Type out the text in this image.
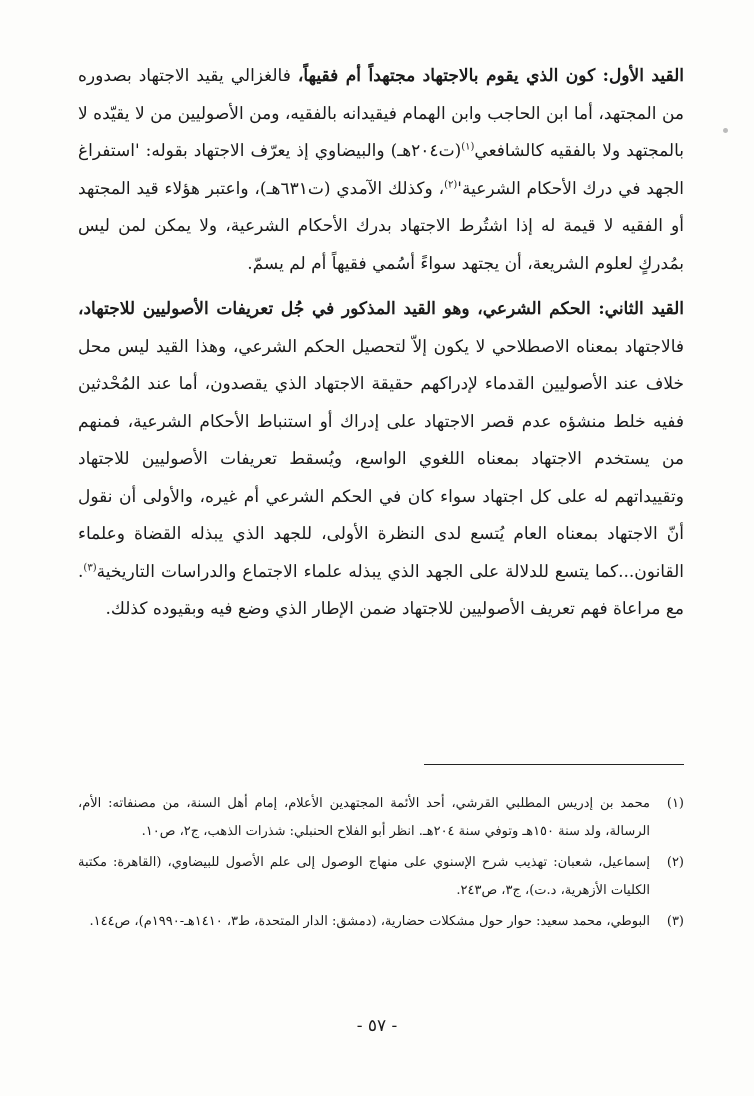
القيد الأول: كون الذي يقوم بالاجتهاد مجتهداً أم فقيهاً، فالغزالي يقيد الاجتهاد بصدوره من المجتهد، أما ابن الحاجب وابن الهمام فيقيدانه بالفقيه، ومن الأصوليين من لا يقيّده لا بالمجتهد ولا بالفقيه كالشافعي$^{(١)}$(ت٢٠٤هـ) والبيضاوي إذ يعرّف الاجتهاد بقوله: 'استفراغ الجهد في درك الأحكام $الشرعية'^{(٢)}،$ وكذلك الآمدي (ت٦٣١هـ)، واعتبر هؤلاء قيد المجتهد أو الفقيه لا قيمة له إذا اشتُرط الاجتهاد بدرك الأحكام الشرعية، ولا يمكن لمن ليس بمُدركٍ لعلوم الشريعة، أن يجتهد سواءً أسُمي فقيهاً أم لم يسمّ.

القيد الثاني: الحكم الشرعي، وهو القيد المذكور في جُل تعريفات الأصوليين للاجتهاد، فالاجتهاد بمعناه الاصطلاحي لا يكون إلاّ لتحصيل الحكم الشرعي، وهذا القيد ليس محل خلاف عند الأصوليين القدماء لإدراكهم حقيقة الاجتهاد الذي يقصدون، أما عند المُحْدثين ففيه خلط منشؤه عدم قصر الاجتهاد على إدراك أو استنباط الأحكام الشرعية، فمنهم من يستخدم الاجتهاد بمعناه اللغوي الواسع، ويُسقط تعريفات الأصوليين للاجتهاد وتقييداتهم له على كل اجتهاد سواء كان في الحكم الشرعي أم غيره، والأولى أن نقول أنّ الاجتهاد بمعناه العام يُتسع لدى النظرة الأولى، للجهد الذي يبذله القضاة وعلماء القانون...كما يتسع للدلالة على الجهد الذي يبذله علماء الاجتماع والدراسات التاريخية$^{(٣)}$. مع مراعاة فهم تعريف الأصوليين للاجتهاد ضمن الإطار الذي وضع فيه وبقيوده كذلك.

(١)
محمد بن إدريس المطلبي القرشي، أحد الأئمة المجتهدين الأعلام، إمام أهل السنة، من مصنفاته: الأم، الرسالة، ولد سنة ١٥٠هـ وتوفي سنة ٢٠٤هـ. انظر أبو الفلاح الحنبلي: شذرات الذهب، ج٢، ص١٠.
(٢)
إسماعيل، شعبان: تهذيب شرح الإسنوي على منهاج الوصول إلى علم الأصول للبيضاوي، (القاهرة: مكتبة الكليات الأزهرية، د.ت)، ج٣، ص٢٤٣.
(٣)
البوطي، محمد سعيد: حوار حول مشكلات حضارية، (دمشق: الدار المتحدة، ط٣، ١٤١٠هـ-١٩٩٠م)، ص١٤٤.
- ٥٧ -
